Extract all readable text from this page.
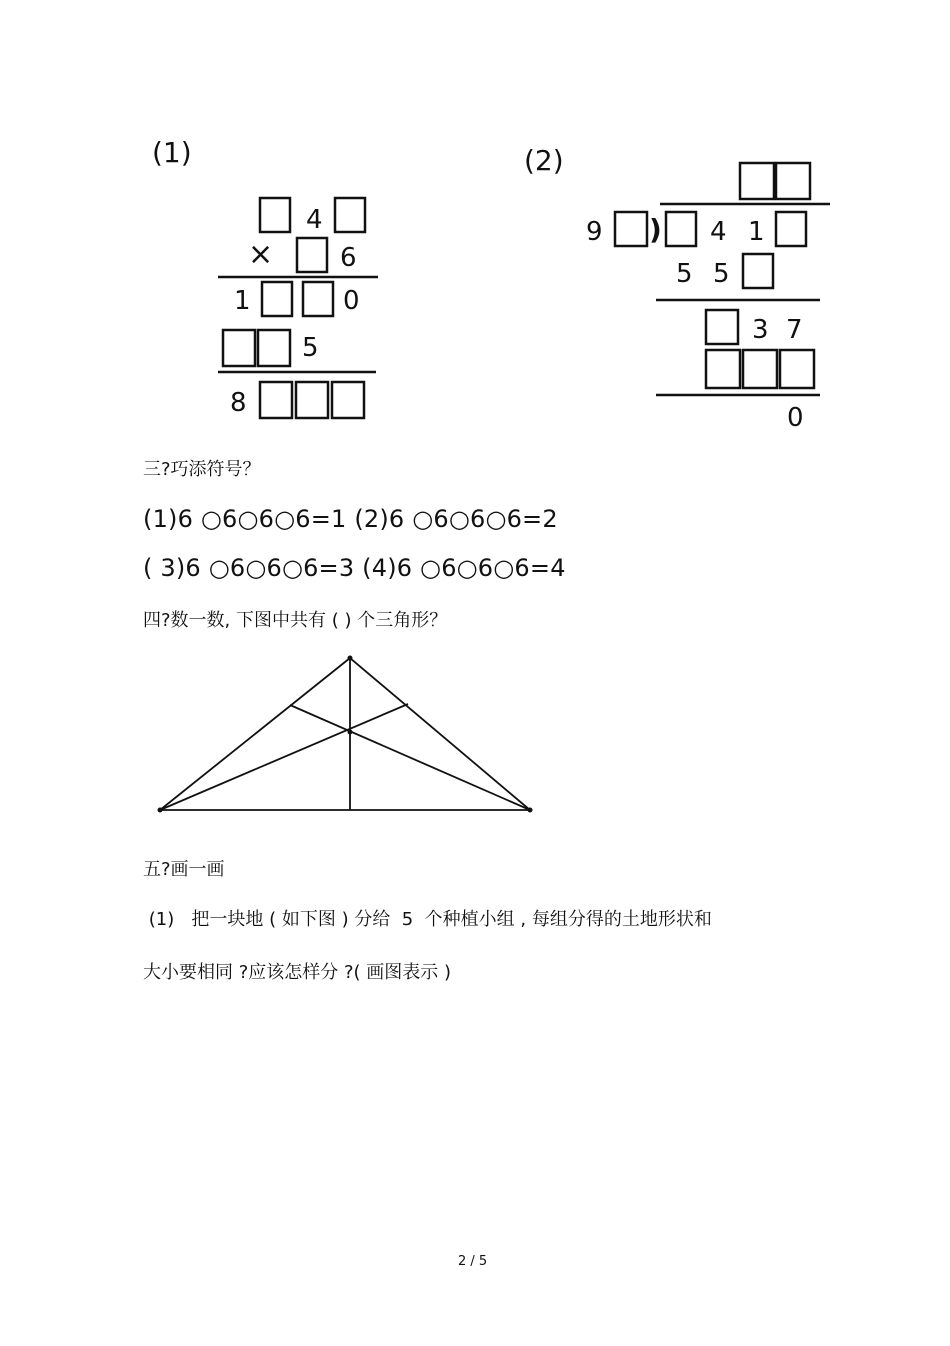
(1)
4
×	6
1	0
5
8
(2)
9 ) 4 1
5 5
3 7
0
三?巧添符号？
(1)6 ○6○6○6=1 (2)6 ○6○6○6=2
( 3)6 ○6○6○6=3 (4)6 ○6○6○6=4
四?数一数, 下图中共有 ( ) 个三角形？
五?画一画
(1)   把一块地 ( 如下图 ) 分给  5  个种植小组 , 每组分得的土地形状和
大小要相同 ?应该怎样分 ?( 画图表示 )
2 / 5
